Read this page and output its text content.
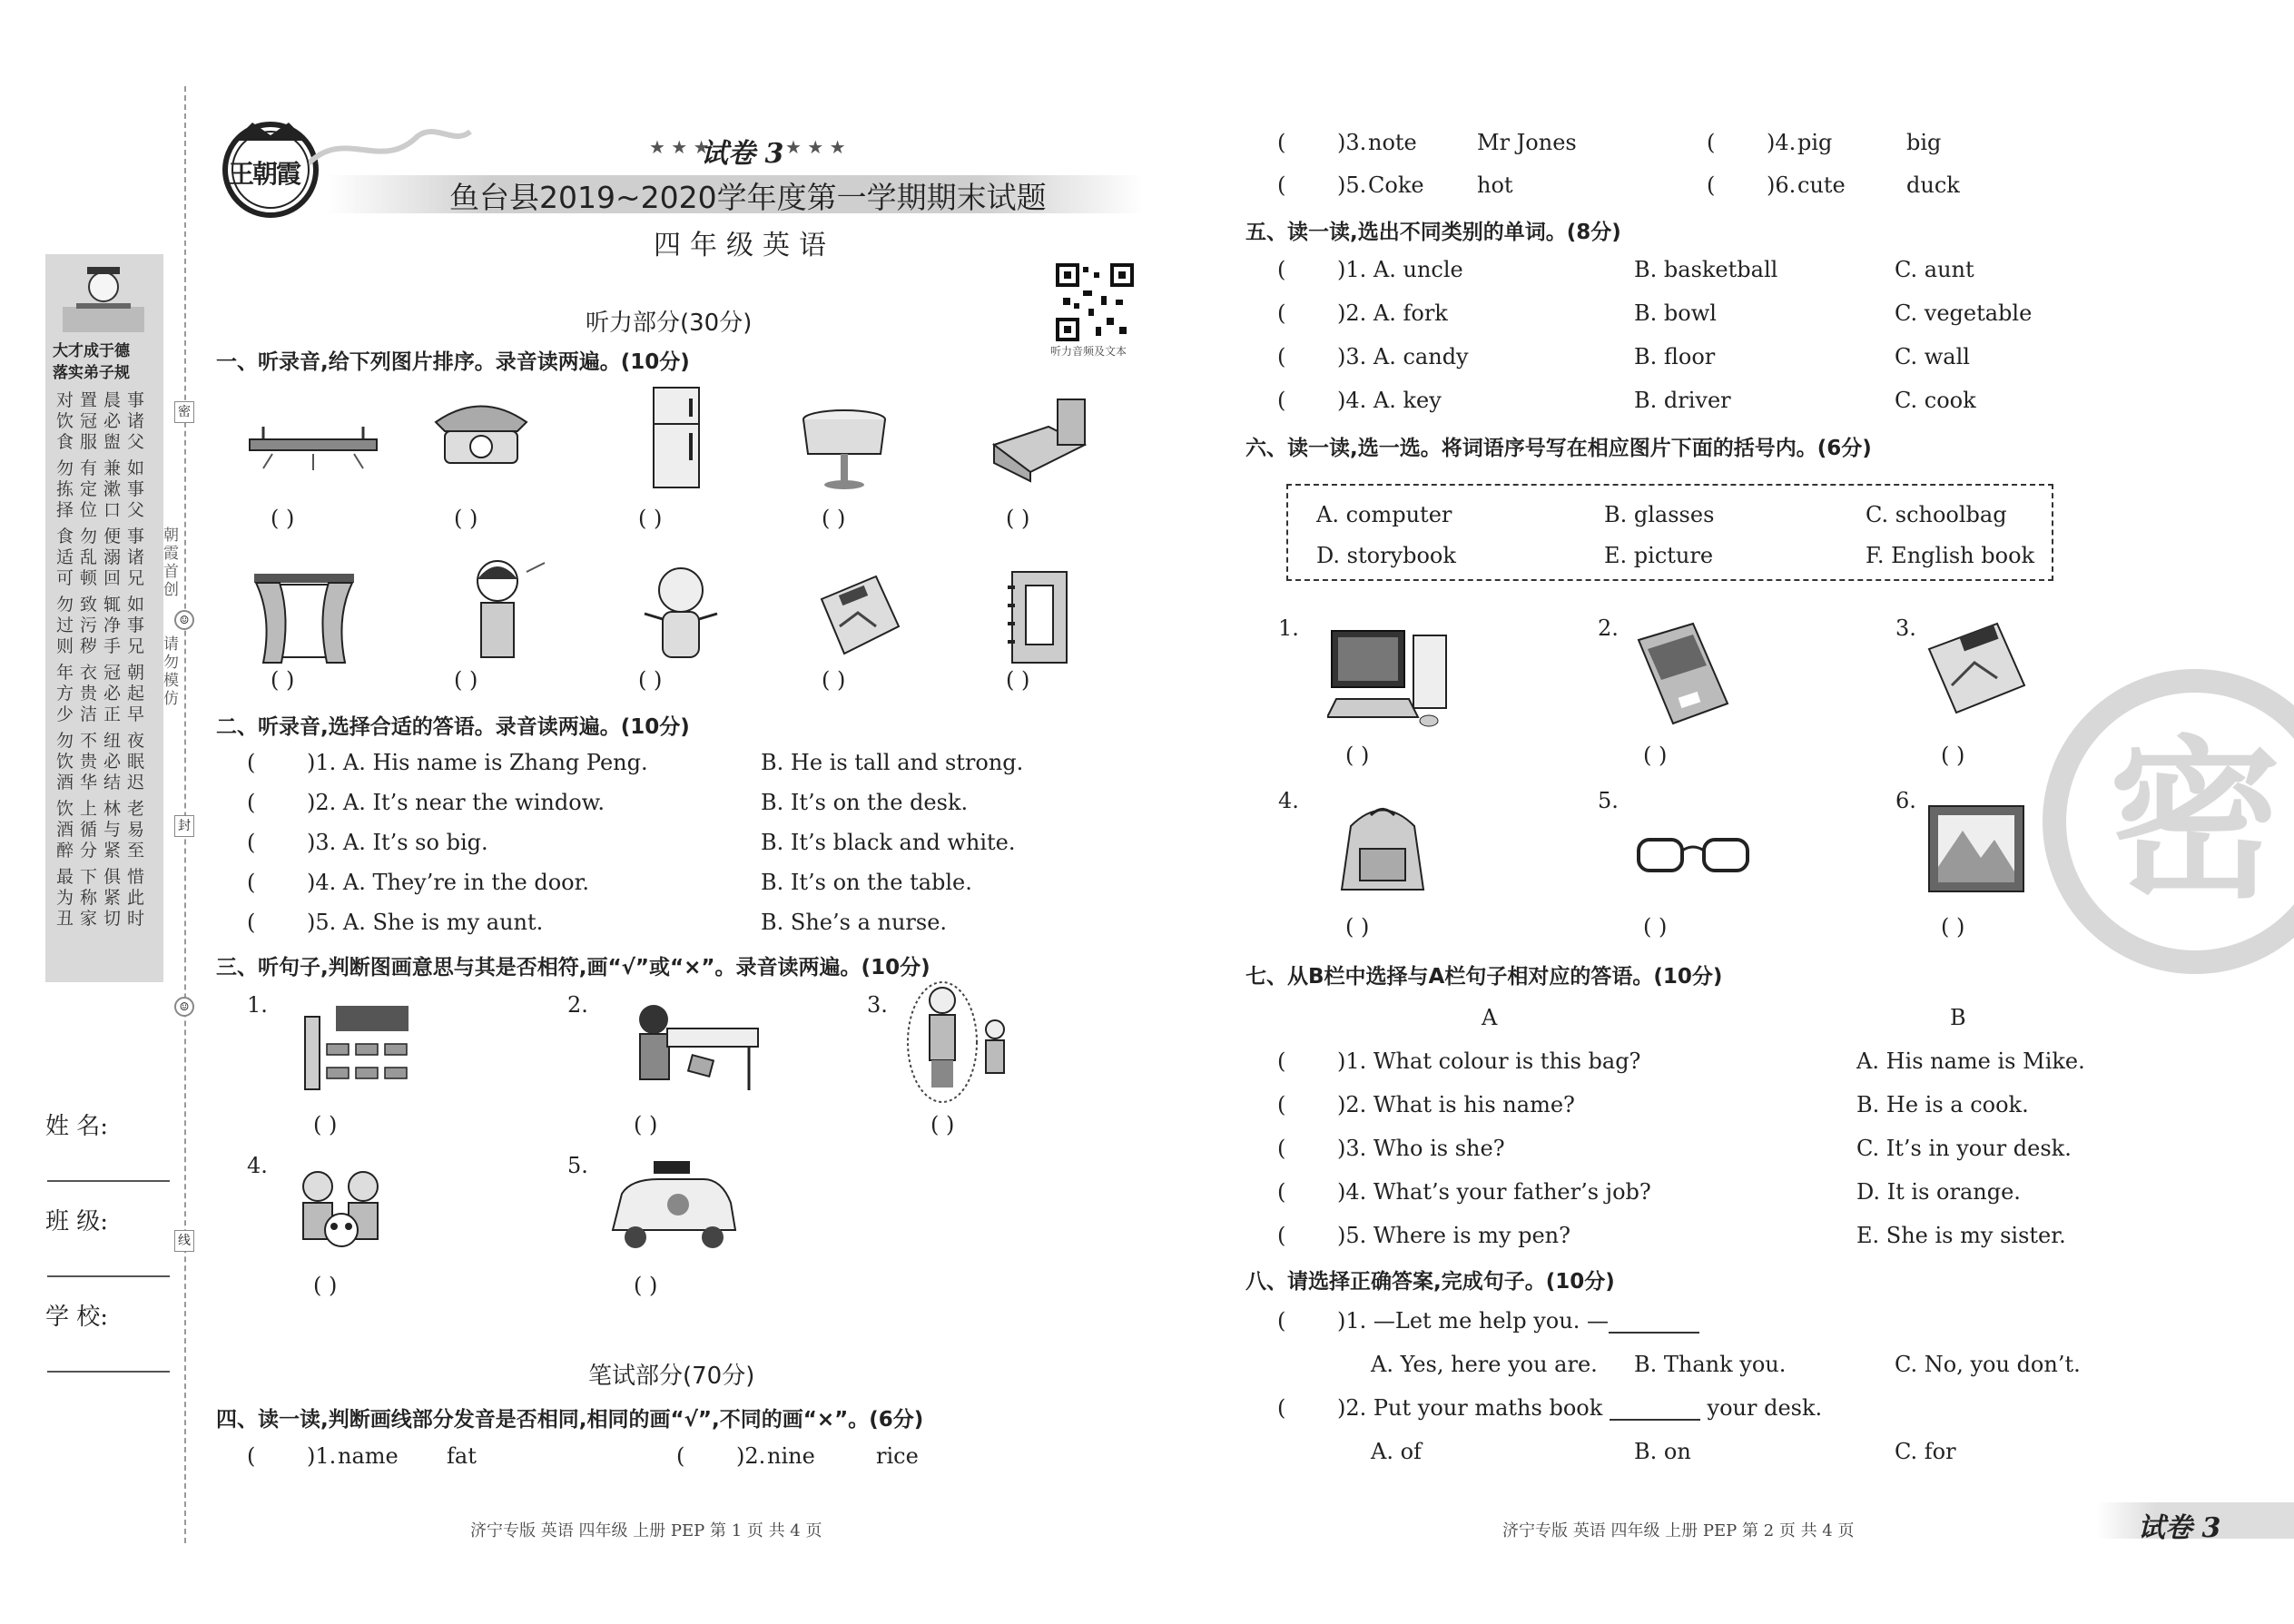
大才成于德
落实弟子规
对 置 晨 事
饮 冠 必 诸
食 服 盥 父
勿 有 兼 如
拣 定 漱 事
择 位 口 父
食 勿 便 事
适 乱 溺 诸
可 顿 回 兄
勿 致 辄 如
过 污 净 事
则 秽 手 兄
年 衣 冠 朝
方 贵 必 起
少 洁 正 早
勿 不 纽 夜
饮 贵 必 眠
酒 华 结 迟
饮 上 林 老
酒 循 与 易
醉 分 紧 至
最 下 俱 惜
为 称 紧 此
丑 家 切 时
姓 名:
班 级:
学 校:
朝霞首创
请勿模仿
密
封
线
☺
☺
王朝霞
★ ★ ★
试卷 3 ★ ★ ★
鱼台县2019~2020学年度第一学期期末试题
四年级英语
听力音频及文本
听力部分(30分)
一、听录音,给下列图片排序。录音读两遍。(10分)
( )	( )	( )	( )	( )
( )	( )	( )	( )	( )
二、听录音,选择合适的答语。录音读两遍。(10分)
( )1. A. His name is Zhang Peng.	B. He is tall and strong.
( )2. A. It’s near the window.	B. It’s on the desk.
( )3. A. It’s so big.	B. It’s black and white.
( )4. A. They’re in the door.	B. It’s on the table.
( )5. A. She is my aunt.	B. She’s a nurse.
三、听句子,判断图画意思与其是否相符,画“√”或“×”。录音读两遍。(10分)
1.	2.	3.
4.	5.
( )	( )	( )
( )	( )
笔试部分(70分)
四、读一读,判断画线部分发音是否相同,相同的画“√”,不同的画“×”。(6分)
( )1. name fat	( )2. nine	rice
( )3. note	Mr Jones	( )4. pig	big
( )5. Coke hot	( )6. cute	duck
五、读一读,选出不同类别的单词。(8分)
( )1. A. uncle	B. basketball	C. aunt
( )2. A. fork	B. bowl	C. vegetable
( )3. A. candy	B. floor	C. wall
( )4. A. key	B. driver	C. cook
六、读一读,选一选。将词语序号写在相应图片下面的括号内。(6分)
A. computer	B. glasses	C. schoolbag
D. storybook	E. picture	F. English book
1.	2.	3.
4.	5.	6.
( )	( )	( )
( )	( )	( )
七、从B栏中选择与A栏句子相对应的答语。(10分)
A	B
( )1. What colour is this bag?	A. His name is Mike.
( )2. What is his name?	B. He is a cook.
( )3. Who is she?	C. It’s in your desk.
( )4. What’s your father’s job?	D. It is orange.
( )5. Where is my pen?	E. She is my sister.
八、请选择正确答案,完成句子。(10分)
( )1. —Let me help you. —
A. Yes, here you are. B. Thank you.	C. No, you don’t.
( )2. Put your maths book	your desk.
A. of	B. on	C. for
密
济宁专版 英语 四年级 上册 PEP 第 1 页 共 4 页	济宁专版 英语 四年级 上册 PEP 第 2 页 共 4 页	试卷 3
